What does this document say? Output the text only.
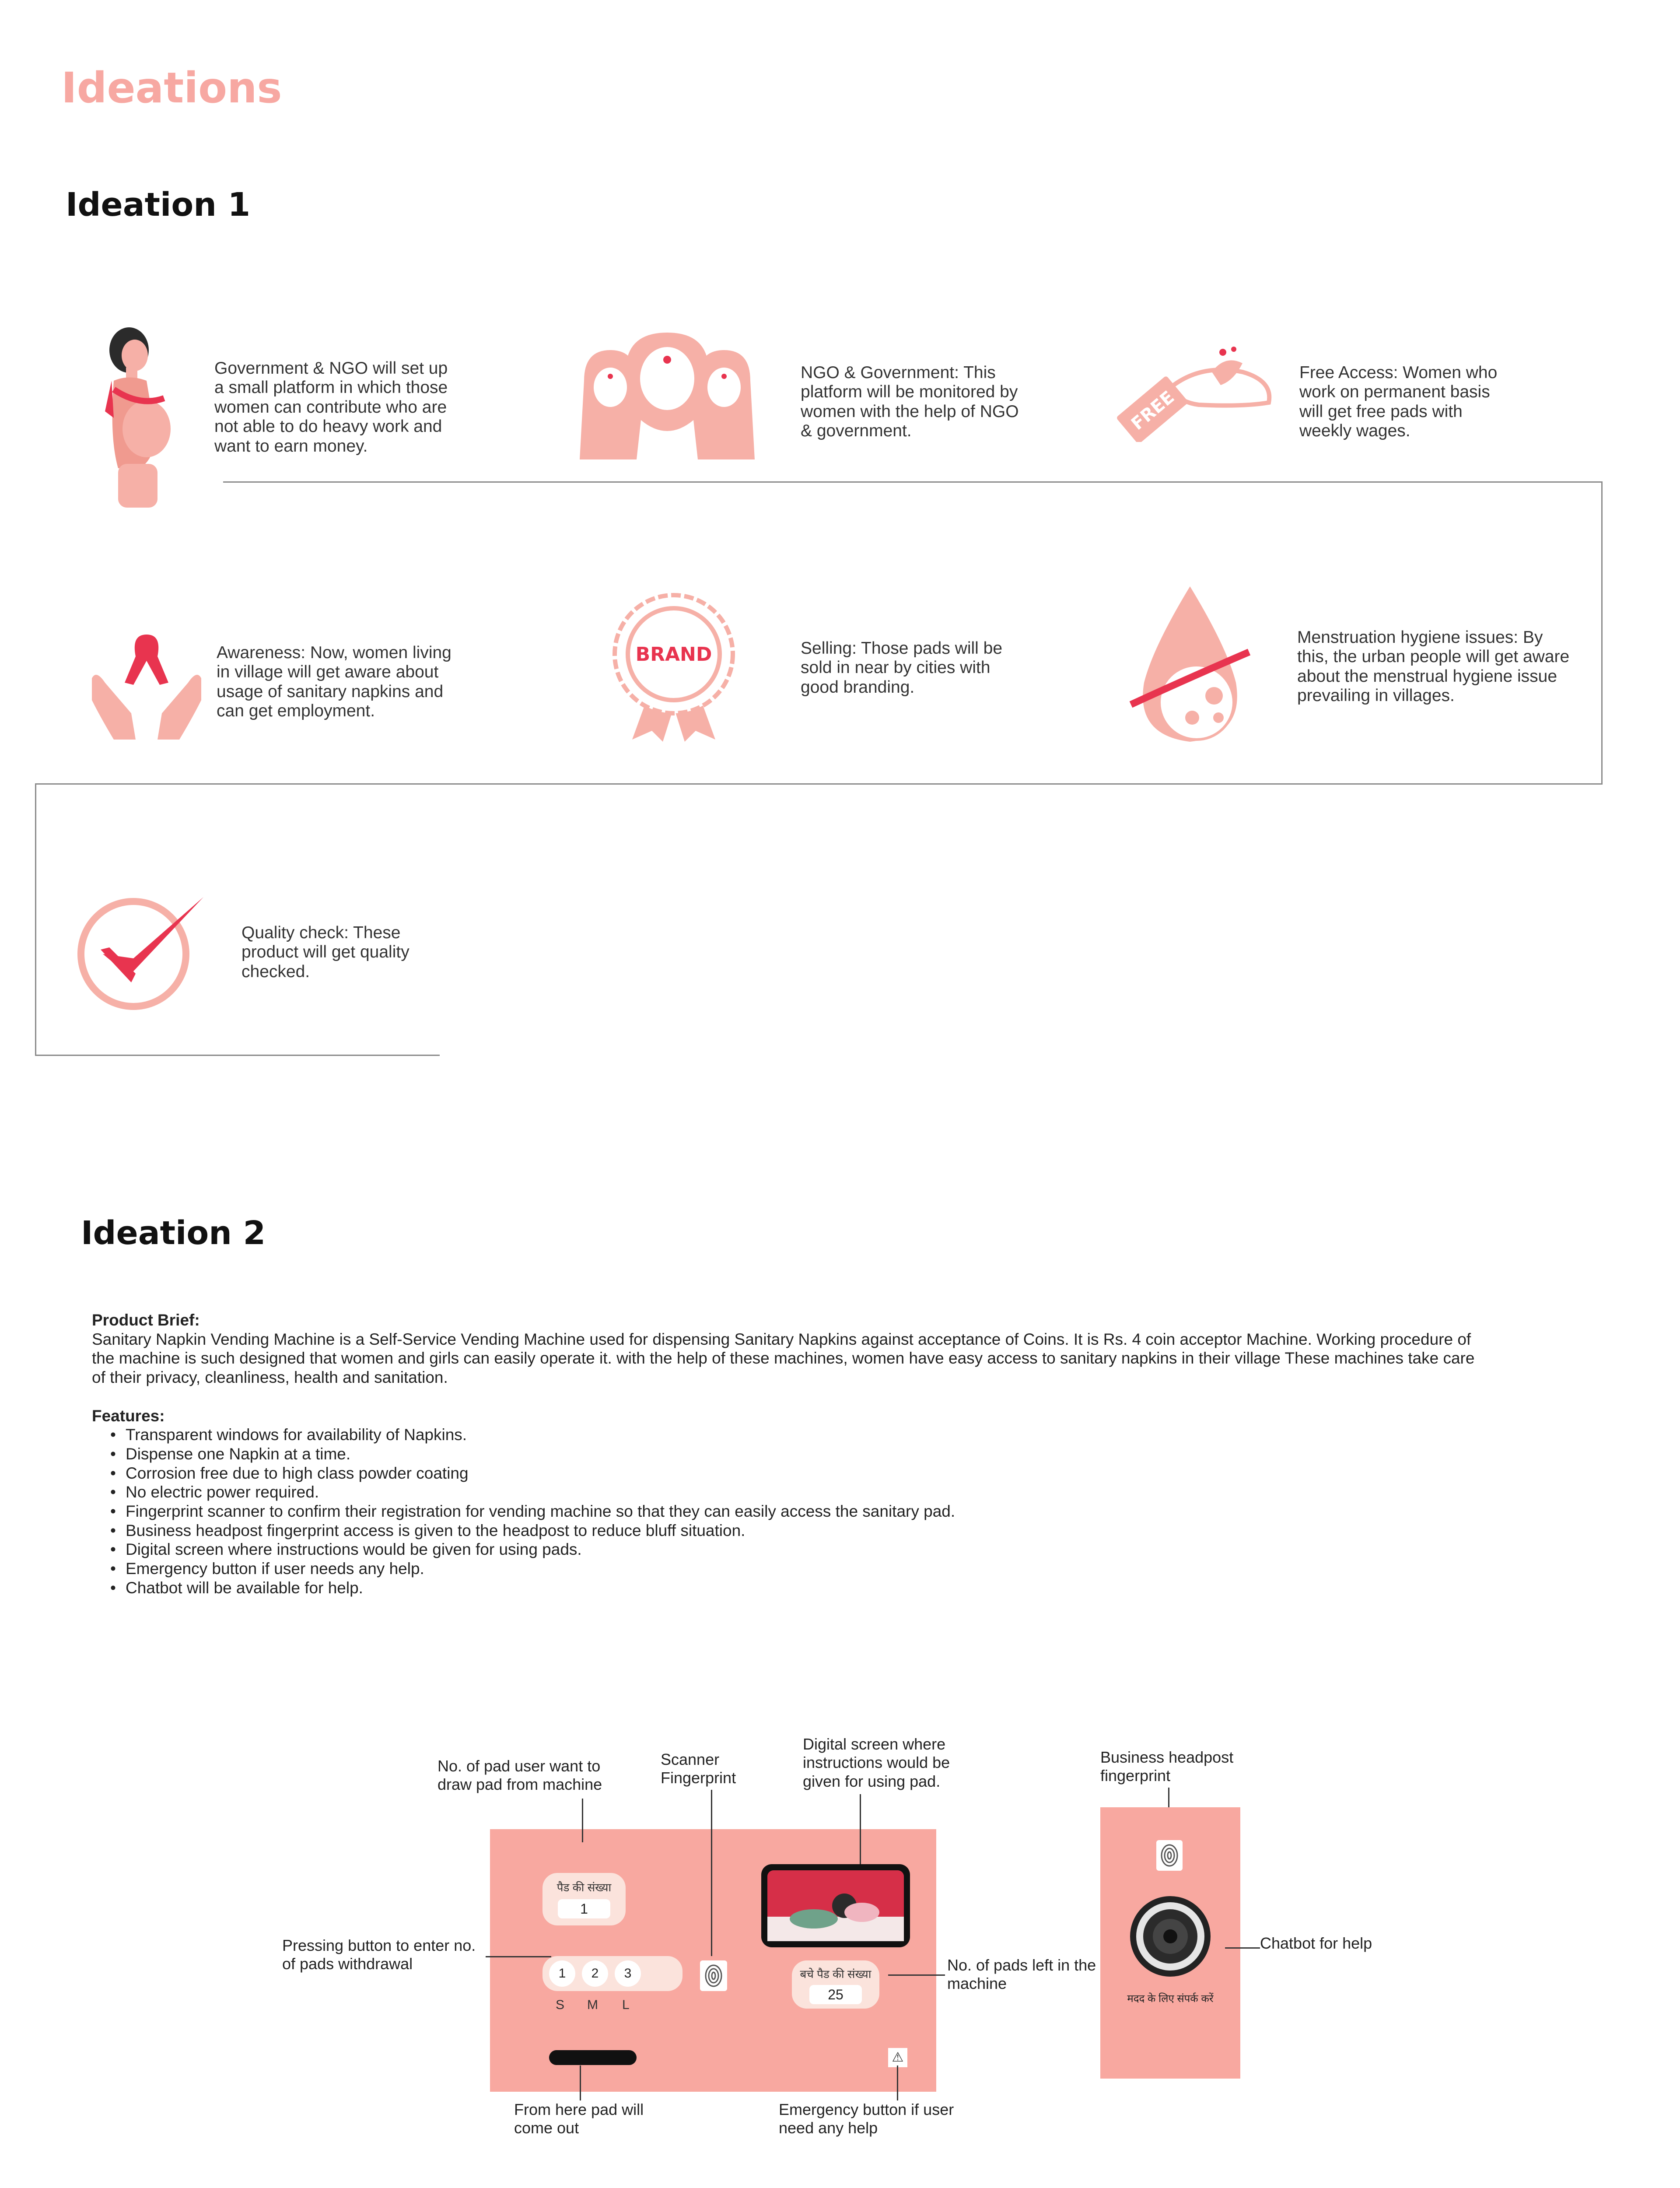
Ideations
Ideation 1
Government & NGO will set up a small platform in which those women can contribute who are not able to do heavy work and want to earn money.
NGO & Government: This platform will be monitored by women with the help of NGO & government.	FREE
Free Access: Women who work on permanent basis will get free pads with weekly wages.
Awareness: Now, women living in village will get aware about usage of sanitary napkins and can get employment.
BRAND	Selling: Those pads will be sold in near by cities with good branding.
Menstruation hygiene issues: By this, the urban people will get aware about the menstrual hygiene issue prevailing in villages.
Quality check: These product will get quality checked.
Ideation 2
Product Brief:
Sanitary Napkin Vending Machine is a Self-Service Vending Machine used for dispensing Sanitary Napkins against acceptance of Coins. It is Rs. 4 coin acceptor Machine. Working procedure of the machine is such designed that women and girls can easily operate it. with the help of these machines, women have easy access to sanitary napkins in their village These machines take care of their privacy, cleanliness, health and sanitation.
Features:
• Transparent windows for availability of Napkins.
• Dispense one Napkin at a time.
• Corrosion free due to high class powder coating
• No electric power required.
• Fingerprint scanner to confirm their registration for vending machine so that they can easily access the sanitary pad.
• Business headpost fingerprint access is given to the headpost to reduce bluff situation.
• Digital screen where instructions would be given for using pads.
• Emergency button if user needs any help.
• Chatbot will be available for help.
पैड की संख्या
1
1	2	3
S M L
बचे पैड की संख्या
25
⚠
No. of pad user want to draw pad from machine
Scanner Fingerprint
Digital screen where instructions would be given for using pad.
Pressing button to enter no. of pads withdrawal	No. of pads left in the machine
From here pad will come out
Emergency button if user need any help
Business headpost fingerprint
मदद के लिए संपर्क करें
Chatbot for help
